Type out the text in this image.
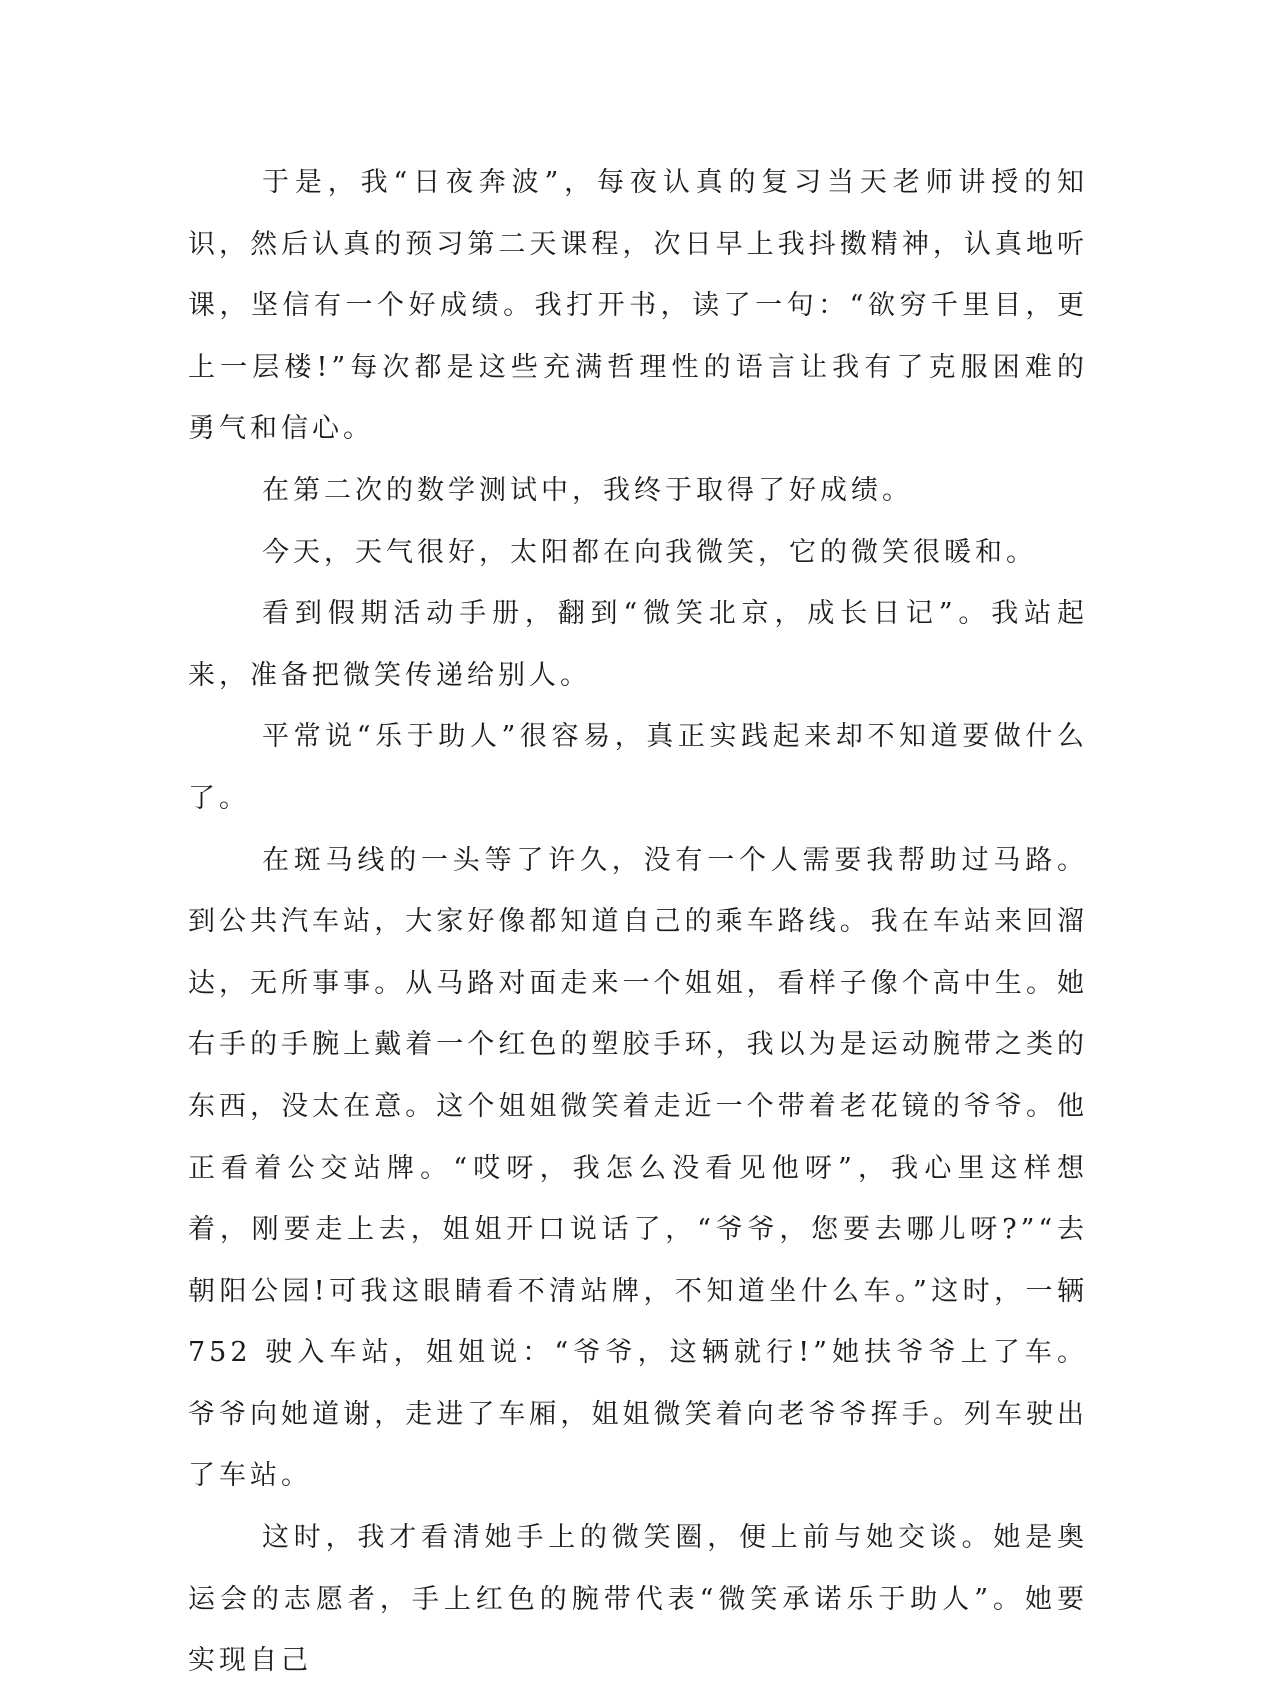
于是，我“日夜奔波”，每夜认真的复习当天老师讲授的知识，然后认真的预习第二天课程，次日早上我抖擞精神，认真地听课，坚信有一个好成绩。我打开书，读了一句：“欲穷千里目，更上一层楼!”每次都是这些充满哲理性的语言让我有了克服困难的勇气和信心。

在第二次的数学测试中，我终于取得了好成绩。

今天，天气很好，太阳都在向我微笑，它的微笑很暖和。

看到假期活动手册，翻到“微笑北京，成长日记”。我站起来，准备把微笑传递给别人。

平常说“乐于助人”很容易，真正实践起来却不知道要做什么了。

在斑马线的一头等了许久，没有一个人需要我帮助过马路。到公共汽车站，大家好像都知道自己的乘车路线。我在车站来回溜达，无所事事。从马路对面走来一个姐姐，看样子像个高中生。她右手的手腕上戴着一个红色的塑胶手环，我以为是运动腕带之类的东西，没太在意。这个姐姐微笑着走近一个带着老花镜的爷爷。他正看着公交站牌。“哎呀，我怎么没看见他呀”，我心里这样想着，刚要走上去，姐姐开口说话了，“爷爷，您要去哪儿呀?”“去朝阳公园!可我这眼睛看不清站牌，不知道坐什么车。”这时，一辆 752 驶入车站，姐姐说：“爷爷，这辆就行!”她扶爷爷上了车。爷爷向她道谢，走进了车厢，姐姐微笑着向老爷爷挥手。列车驶出了车站。

这时，我才看清她手上的微笑圈，便上前与她交谈。她是奥运会的志愿者，手上红色的腕带代表“微笑承诺乐于助人”。她要实现自己
